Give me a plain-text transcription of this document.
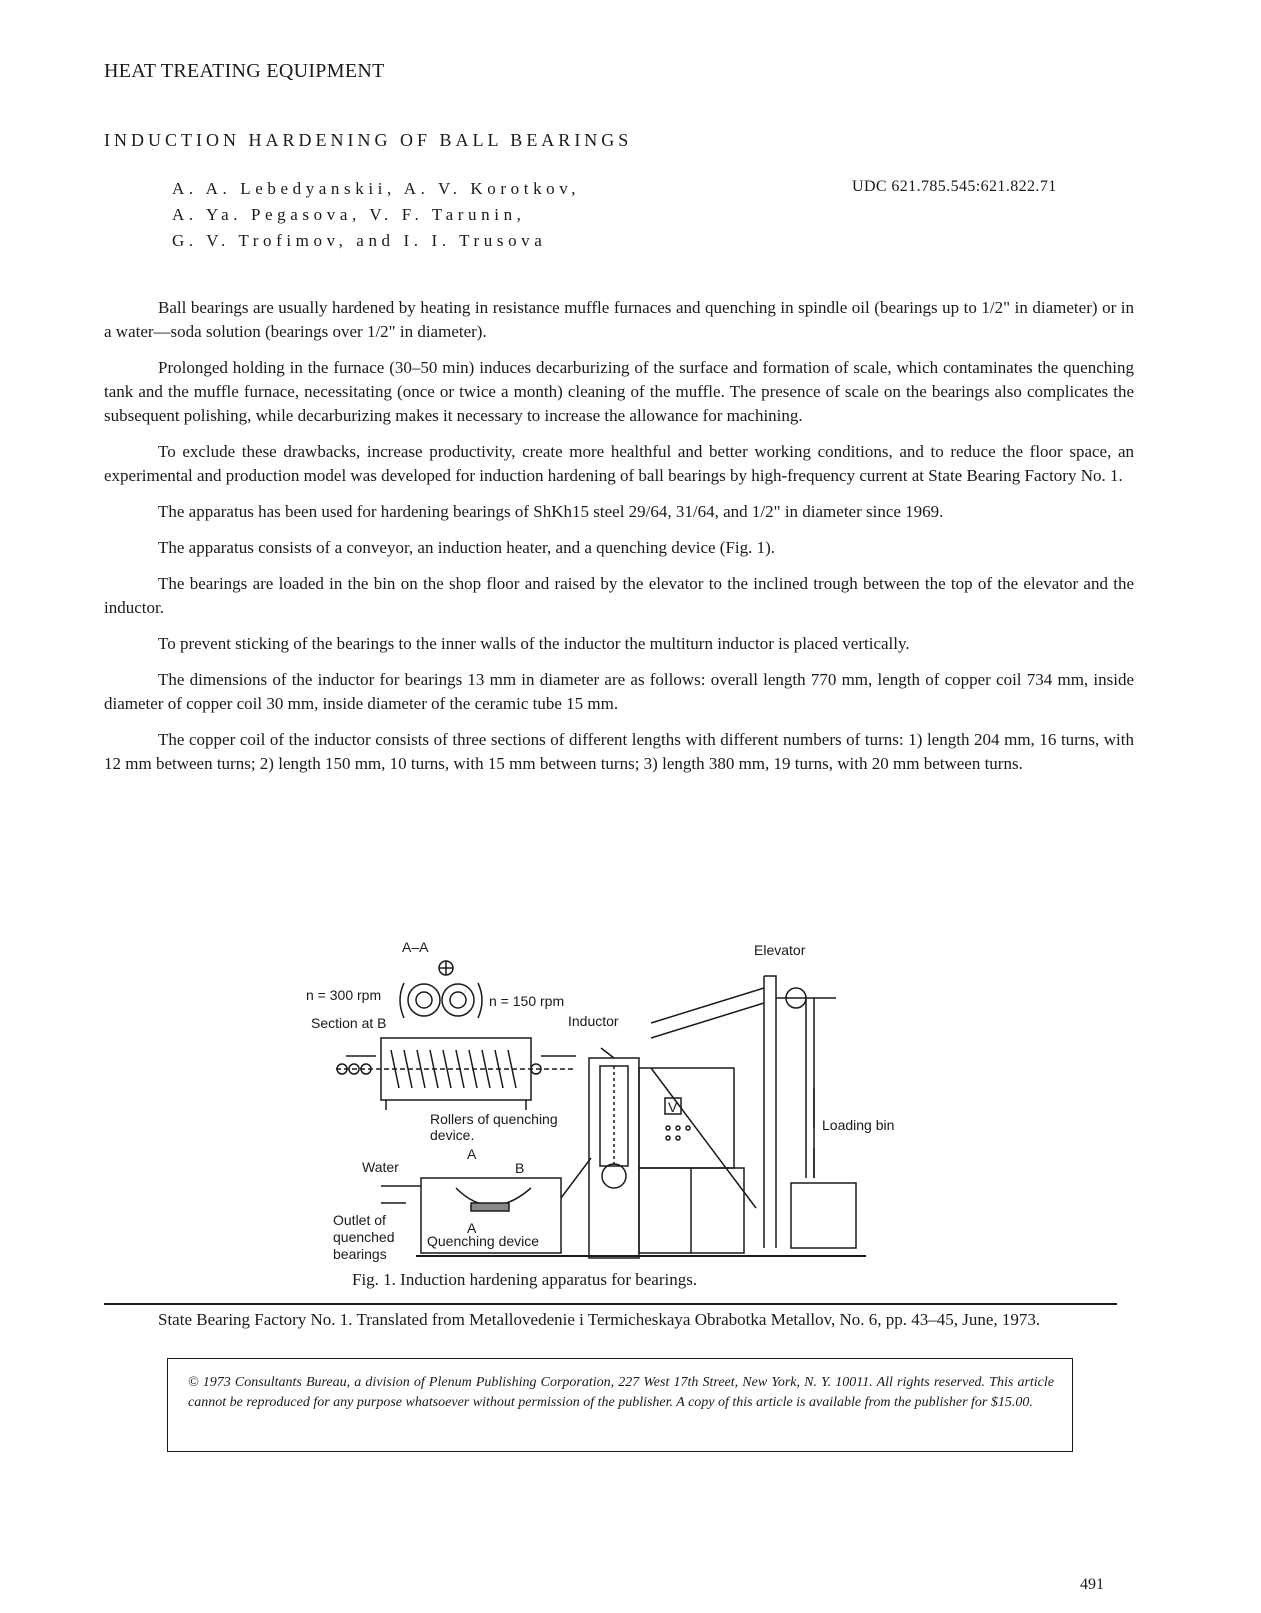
HEAT TREATING EQUIPMENT
INDUCTION HARDENING OF BALL BEARINGS
A. A. Lebedyanskii, A. V. Korotkov,
A. Ya. Pegasova, V. F. Tarunin,
G. V. Trofimov, and I. I. Trusova
UDC 621.785.545:621.822.71

Ball bearings are usually hardened by heating in resistance muffle furnaces and quenching in spindle oil (bearings up to 1/2" in diameter) or in a water—soda solution (bearings over 1/2" in diameter).

Prolonged holding in the furnace (30–50 min) induces decarburizing of the surface and formation of scale, which contaminates the quenching tank and the muffle furnace, necessitating (once or twice a month) cleaning of the muffle. The presence of scale on the bearings also complicates the subsequent polishing, while decarburizing makes it necessary to increase the allowance for machining.

To exclude these drawbacks, increase productivity, create more healthful and better working conditions, and to reduce the floor space, an experimental and production model was developed for induction hardening of ball bearings by high-frequency current at State Bearing Factory No. 1.

The apparatus has been used for hardening bearings of ShKh15 steel 29/64, 31/64, and 1/2" in diameter since 1969.

The apparatus consists of a conveyor, an induction heater, and a quenching device (Fig. 1).

The bearings are loaded in the bin on the shop floor and raised by the elevator to the inclined trough between the top of the elevator and the inductor.

To prevent sticking of the bearings to the inner walls of the inductor the multiturn inductor is placed vertically.

The dimensions of the inductor for bearings 13 mm in diameter are as follows: overall length 770 mm, length of copper coil 734 mm, inside diameter of copper coil 30 mm, inside diameter of the ceramic tube 15 mm.

The copper coil of the inductor consists of three sections of different lengths with different numbers of turns: 1) length 204 mm, 16 turns, with 12 mm between turns; 2) length 150 mm, 10 turns, with 15 mm between turns; 3) length 380 mm, 19 turns, with 20 mm between turns.

A–A
n = 300 rpm	n = 150 rpm
Section at B	Inductor
Elevator
Rollers of quenching
device.
Loading bin
Water
Outlet of
quenched
bearings
Quenching device
A
A
B
V
Fig. 1. Induction hardening apparatus for bearings.

State Bearing Factory No. 1. Translated from Metallovedenie i Termicheskaya Obrabotka Metallov, No. 6, pp. 43–45, June, 1973.

© 1973 Consultants Bureau, a division of Plenum Publishing Corporation, 227 West 17th Street, New York, N. Y. 10011. All rights reserved. This article cannot be reproduced for any purpose whatsoever without permission of the publisher. A copy of this article is available from the publisher for $15.00.
491
